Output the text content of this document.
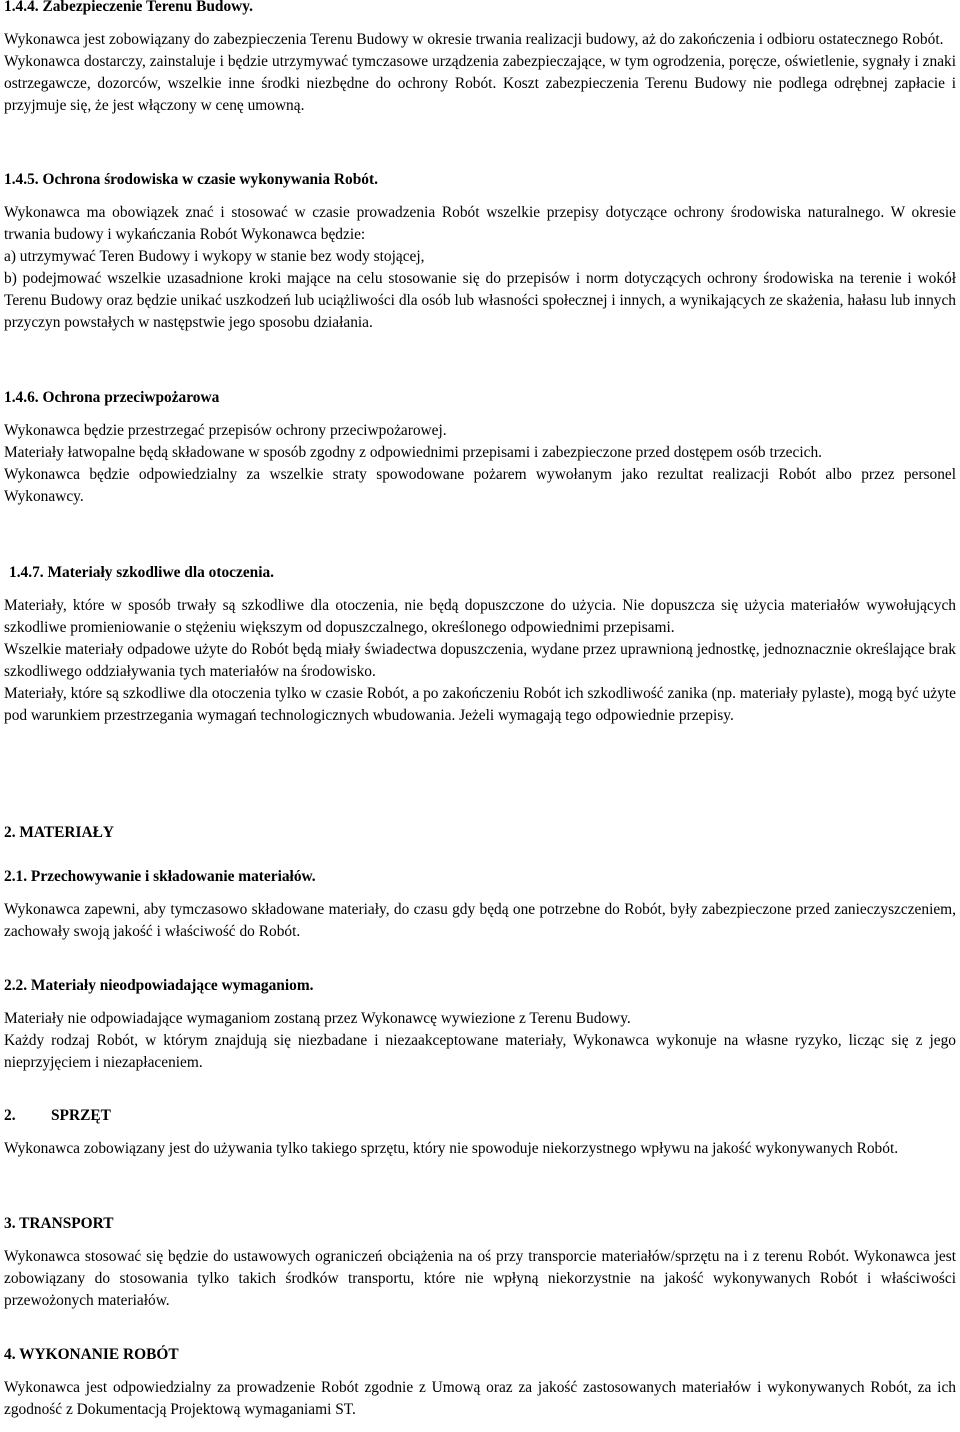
1.4.4. Zabezpieczenie Terenu Budowy.

Wykonawca jest zobowiązany do zabezpieczenia Terenu Budowy w okresie trwania realizacji budowy, aż do zakończenia i odbioru ostatecznego Robót.

Wykonawca dostarczy, zainstaluje i będzie utrzymywać tymczasowe urządzenia zabezpieczające, w tym ogrodzenia, poręcze, oświetlenie, sygnały i znaki ostrzegawcze, dozorców, wszelkie inne środki niezbędne do ochrony Robót. Koszt zabezpieczenia Terenu Budowy nie podlega odrębnej zapłacie i przyjmuje się, że jest włączony w cenę umowną.

1.4.5. Ochrona środowiska w czasie wykonywania Robót.

Wykonawca ma obowiązek znać i stosować w czasie prowadzenia Robót wszelkie przepisy dotyczące ochrony środowiska naturalnego. W okresie trwania budowy i wykańczania Robót Wykonawca będzie:

a) utrzymywać Teren Budowy i wykopy w stanie bez wody stojącej,

b) podejmować wszelkie uzasadnione kroki mające na celu stosowanie się do przepisów i norm dotyczących ochrony środowiska na terenie i wokół Terenu Budowy oraz będzie unikać uszkodzeń lub uciążliwości dla osób lub własności społecznej i innych, a wynikających ze skażenia, hałasu lub innych przyczyn powstałych w następstwie jego sposobu działania.

1.4.6. Ochrona przeciwpożarowa

Wykonawca będzie przestrzegać przepisów ochrony przeciwpożarowej.

Materiały łatwopalne będą składowane w sposób zgodny z odpowiednimi przepisami i zabezpieczone przed dostępem osób trzecich.

Wykonawca będzie odpowiedzialny za wszelkie straty spowodowane pożarem wywołanym jako rezultat realizacji Robót albo przez personel Wykonawcy.

1.4.7. Materiały szkodliwe dla otoczenia.

Materiały, które w sposób trwały są szkodliwe dla otoczenia, nie będą dopuszczone do użycia. Nie dopuszcza się użycia materiałów wywołujących szkodliwe promieniowanie o stężeniu większym od dopuszczalnego, określonego odpowiednimi przepisami.

Wszelkie materiały odpadowe użyte do Robót będą miały świadectwa dopuszczenia, wydane przez uprawnioną jednostkę, jednoznacznie określające brak szkodliwego oddziaływania tych materiałów na środowisko.

Materiały, które są szkodliwe dla otoczenia tylko w czasie Robót, a po zakończeniu Robót ich szkodliwość zanika (np. materiały pylaste), mogą być użyte pod warunkiem przestrzegania wymagań technologicznych wbudowania. Jeżeli wymagają tego odpowiednie przepisy.

2. MATERIAŁY
2.1. Przechowywanie i składowanie materiałów.

Wykonawca zapewni, aby tymczasowo składowane materiały, do czasu gdy będą one potrzebne do Robót, były zabezpieczone przed zanieczyszczeniem, zachowały swoją jakość i właściwość do Robót.

2.2. Materiały nieodpowiadające wymaganiom.

Materiały nie odpowiadające wymaganiom zostaną przez Wykonawcę wywiezione z Terenu Budowy.

Każdy rodzaj Robót, w którym znajdują się niezbadane i niezaakceptowane materiały, Wykonawca wykonuje na własne ryzyko, licząc się z jego nieprzyjęciem i niezapłaceniem.

2. SPRZĘT

Wykonawca zobowiązany jest do używania tylko takiego sprzętu, który nie spowoduje niekorzystnego wpływu na jakość wykonywanych Robót.

3. TRANSPORT

Wykonawca stosować się będzie do ustawowych ograniczeń obciążenia na oś przy transporcie materiałów/sprzętu na i z terenu Robót. Wykonawca jest zobowiązany do stosowania tylko takich środków transportu, które nie wpłyną niekorzystnie na jakość wykonywanych Robót i właściwości przewożonych materiałów.

4. WYKONANIE ROBÓT

Wykonawca jest odpowiedzialny za prowadzenie Robót zgodnie z Umową oraz za jakość zastosowanych materiałów i wykonywanych Robót, za ich zgodność z Dokumentacją Projektową wymaganiami ST.
